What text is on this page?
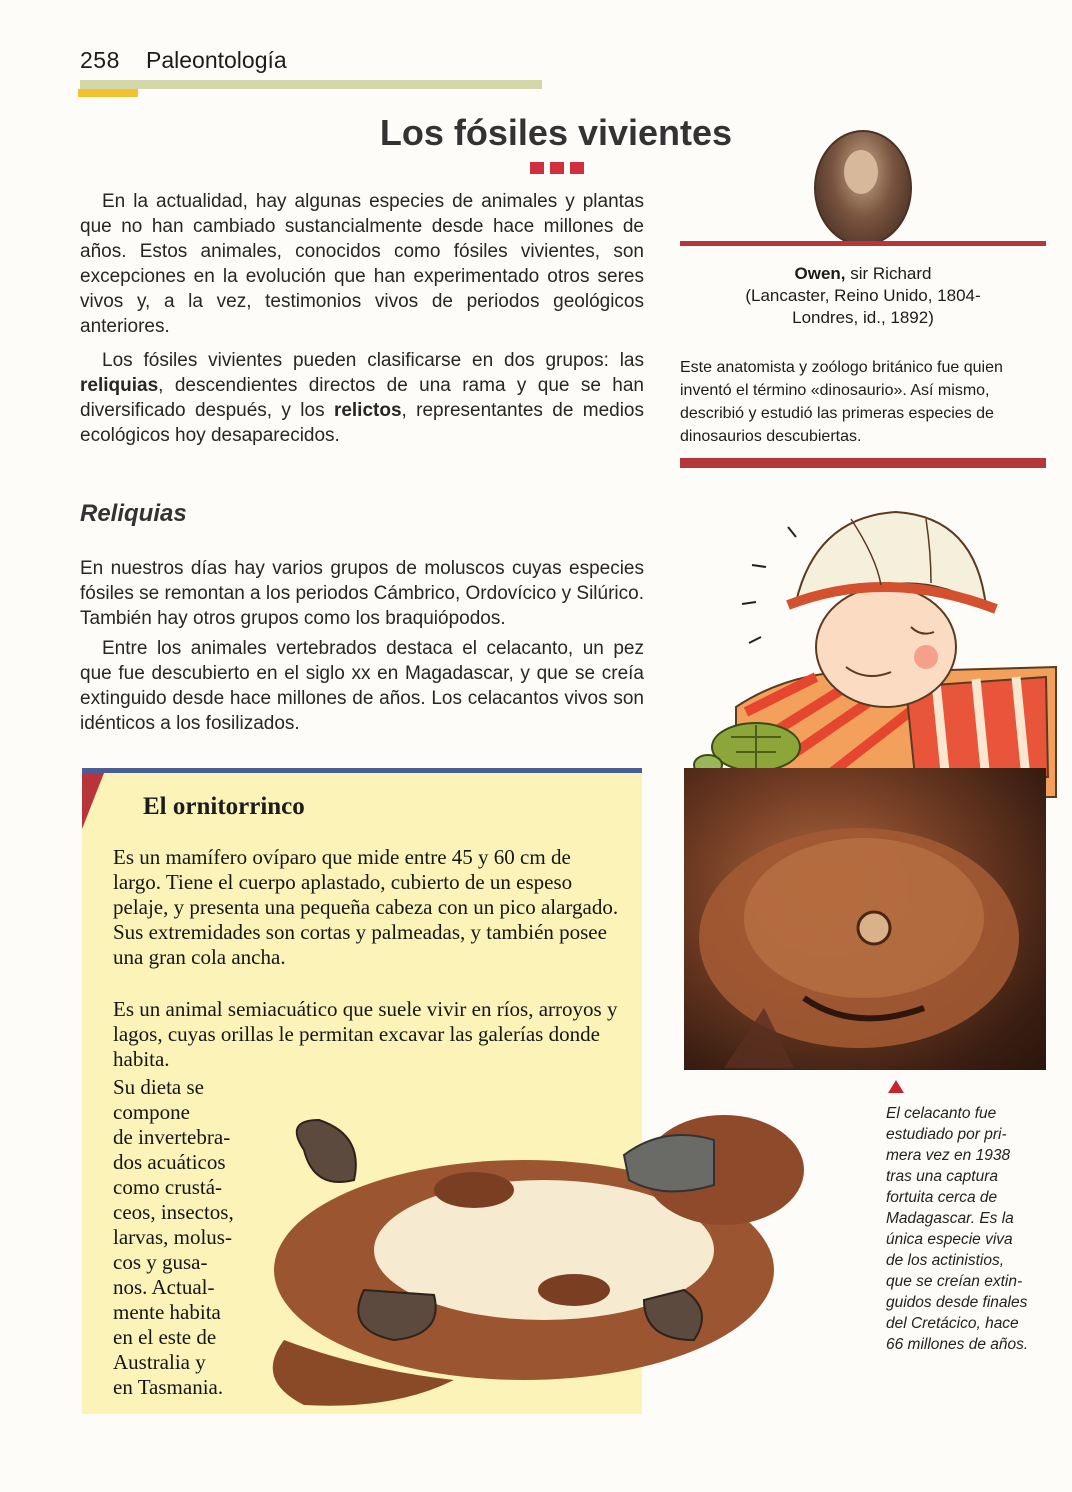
258 Paleontología
Los fósiles vivientes
En la actualidad, hay algunas especies de animales y plantas que no han cambiado sustancialmente desde hace millones de años. Estos animales, conocidos como fósiles vivientes, son excepciones en la evolución que han experimentado otros seres vivos y, a la vez, testimonios vivos de periodos geológicos anteriores.
Los fósiles vivientes pueden clasificarse en dos grupos: las reliquias, descendientes directos de una rama y que se han diversificado después, y los relictos, representantes de medios ecológicos hoy desaparecidos.
Owen, sir Richard
(Lancaster, Reino Unido, 1804-
Londres, id., 1892)
Este anatomista y zoólogo británico fue quien inventó el término «dinosaurio». Así mismo, describió y estudió las primeras especies de dinosaurios descubiertas.
Reliquias
En nuestros días hay varios grupos de moluscos cuyas especies fósiles se remontan a los periodos Cámbrico, Ordovícico y Silúrico. También hay otros grupos como los braquiópodos.
Entre los animales vertebrados destaca el celacanto, un pez que fue descubierto en el siglo xx en Magadascar, y que se creía extinguido desde hace millones de años. Los celacantos vivos son idénticos a los fosilizados.
El celacanto fue
estudiado por pri-
mera vez en 1938
tras una captura
fortuita cerca de
Madagascar. Es la
única especie viva
de los actinistios,
que se creían extin-
guidos desde finales
del Cretácico, hace
66 millones de años.
El ornitorrinco
Es un mamífero ovíparo que mide entre 45 y 60 cm de largo. Tiene el cuerpo aplastado, cubierto de un espeso pelaje, y presenta una pequeña cabeza con un pico alargado. Sus extremidades son cortas y palmeadas, y también posee una gran cola ancha.
Es un animal semiacuático que suele vivir en ríos, arroyos y lagos, cuyas orillas le permitan excavar las galerías donde habita.
Su dieta se compone
de invertebra-
dos acuáticos
como crustá-
ceos, insectos,
larvas, molus-
cos y gusa-
nos. Actual-
mente habita
en el este de
Australia y
en Tasmania.
